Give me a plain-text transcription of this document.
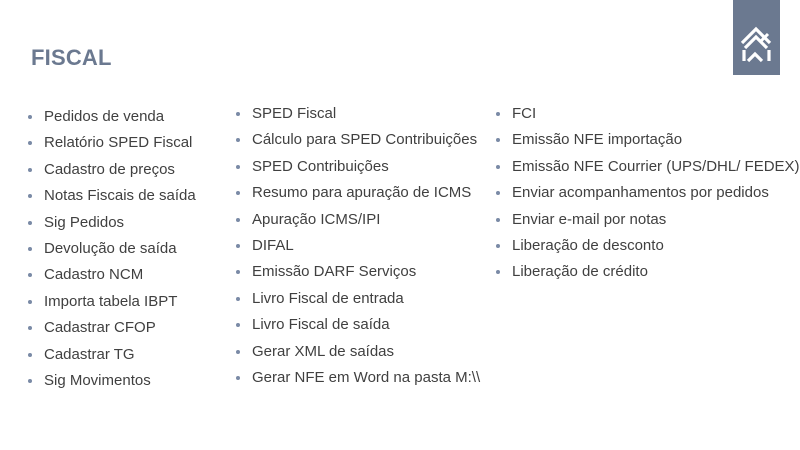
FISCAL
Pedidos de venda
Relatório SPED Fiscal
Cadastro de preços
Notas Fiscais de saída
Sig Pedidos
Devolução de saída
Cadastro NCM
Importa tabela IBPT
Cadastrar CFOP
Cadastrar TG
Sig Movimentos
SPED Fiscal
Cálculo para SPED Contribuições
SPED Contribuições
Resumo para apuração de ICMS
Apuração ICMS/IPI
DIFAL
Emissão DARF Serviços
Livro Fiscal de entrada
Livro Fiscal de saída
Gerar XML de saídas
Gerar NFE em Word na pasta M:\\
FCI
Emissão NFE importação
Emissão NFE Courrier (UPS/DHL/ FEDEX)
Enviar acompanhamentos por pedidos
Enviar e-mail por notas
Liberação de desconto
Liberação de crédito
